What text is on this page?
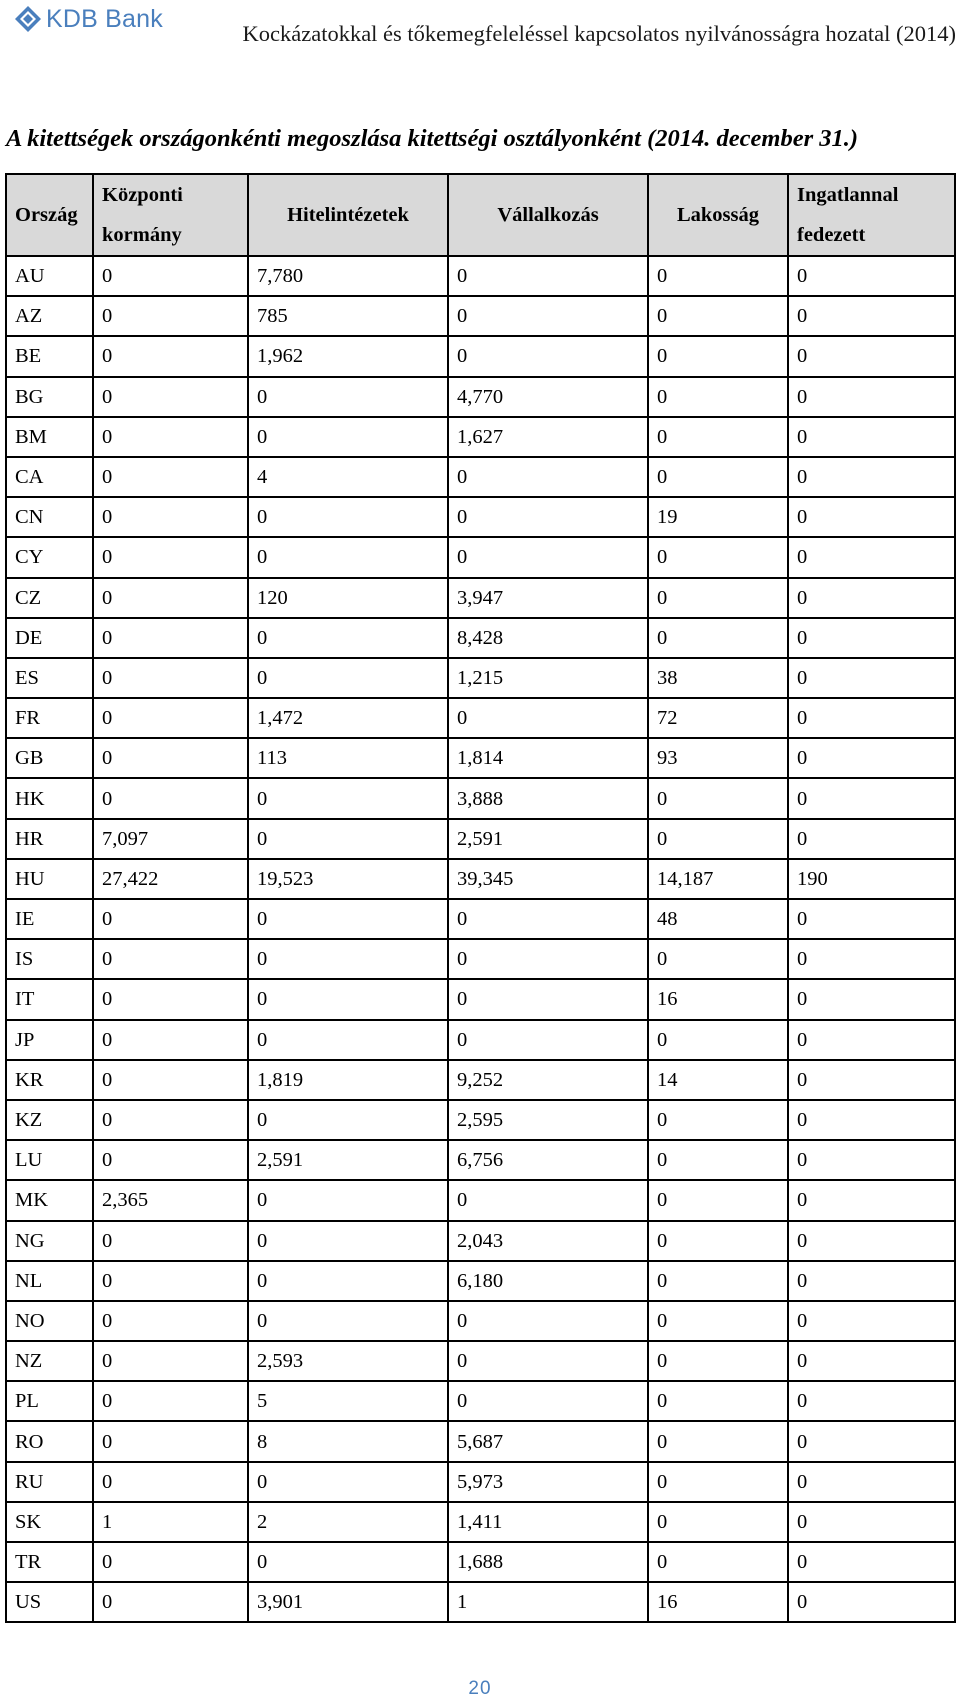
KDB Bank
Kockázatokkal és tőkemegfeleléssel kapcsolatos nyilvánosságra hozatal (2014)
A kitettségek országonkénti megoszlása kitettségi osztályonként (2014. december 31.)
Ország	Központi kormány	Hitelintézetek	Vállalkozás	Lakosság	Ingatlannal fedezett
AU	0	7,780	0	0	0
AZ	0	785	0	0	0
BE	0	1,962	0	0	0
BG	0	0	4,770	0	0
BM	0	0	1,627	0	0
CA	0	4	0	0	0
CN	0	0	0	19	0
CY	0	0	0	0	0
CZ	0	120	3,947	0	0
DE	0	0	8,428	0	0
ES	0	0	1,215	38	0
FR	0	1,472	0	72	0
GB	0	113	1,814	93	0
HK	0	0	3,888	0	0
HR	7,097	0	2,591	0	0
HU	27,422	19,523	39,345	14,187	190
IE	0	0	0	48	0
IS	0	0	0	0	0
IT	0	0	0	16	0
JP	0	0	0	0	0
KR	0	1,819	9,252	14	0
KZ	0	0	2,595	0	0
LU	0	2,591	6,756	0	0
MK	2,365	0	0	0	0
NG	0	0	2,043	0	0
NL	0	0	6,180	0	0
NO	0	0	0	0	0
NZ	0	2,593	0	0	0
PL	0	5	0	0	0
RO	0	8	5,687	0	0
RU	0	0	5,973	0	0
SK	1	2	1,411	0	0
TR	0	0	1,688	0	0
US	0	3,901	1	16	0
20
